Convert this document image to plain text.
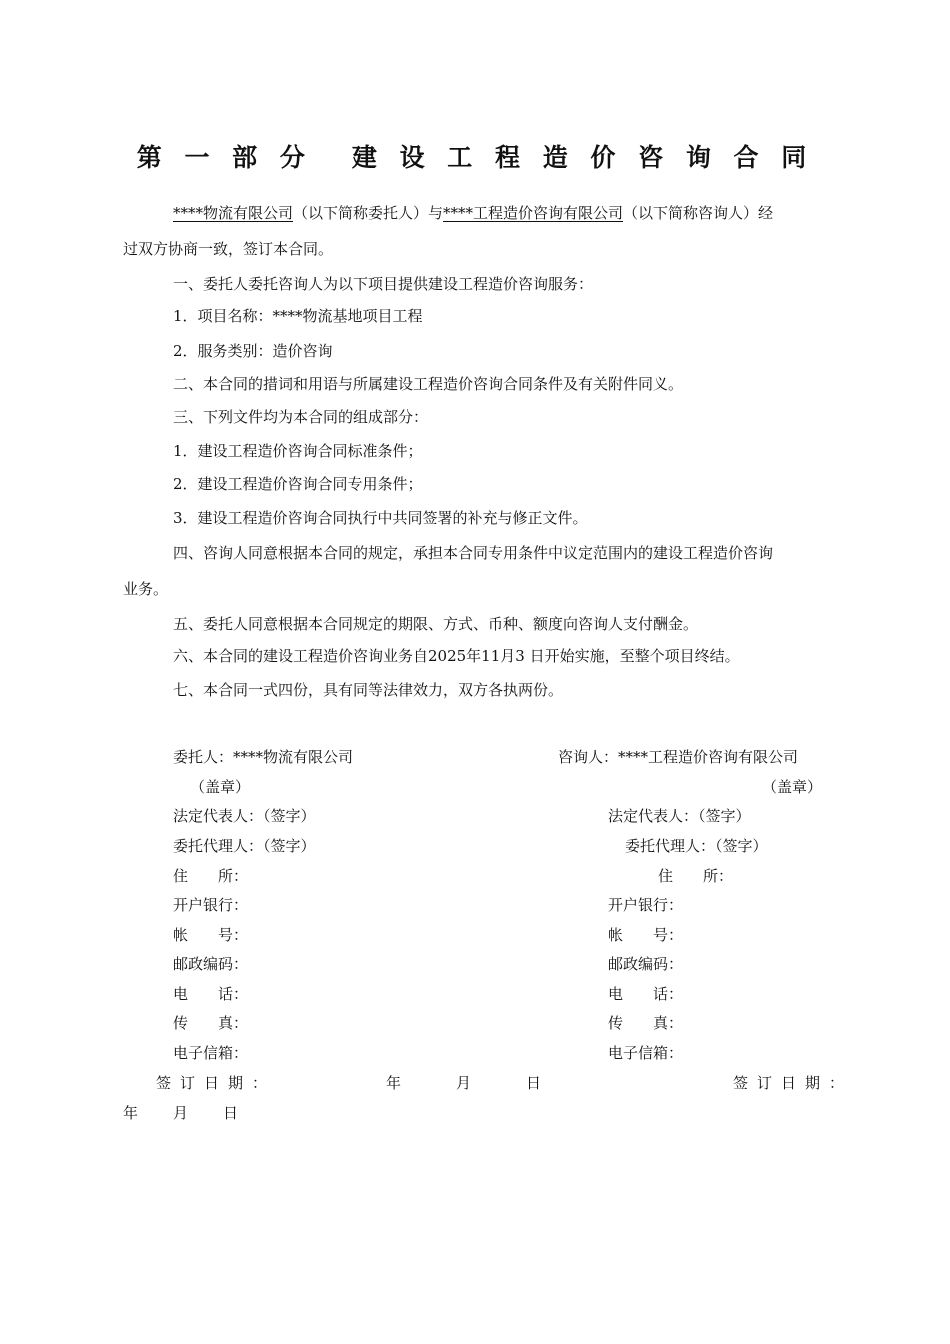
第 一 部 分 建 设 工 程 造 价 咨 询 合 同
****物流有限公司（以下简称委托人）与****工程造价咨询有限公司（以下简称咨询人）经
过双方协商一致，签订本合同。
一、委托人委托咨询人为以下项目提供建设工程造价咨询服务：
1．项目名称：****物流基地项目工程
2．服务类别：造价咨询
二、本合同的措词和用语与所属建设工程造价咨询合同条件及有关附件同义。
三、下列文件均为本合同的组成部分：
1．建设工程造价咨询合同标准条件；
2．建设工程造价咨询合同专用条件；
3．建设工程造价咨询合同执行中共同签署的补充与修正文件。
四、咨询人同意根据本合同的规定，承担本合同专用条件中议定范围内的建设工程造价咨询
业务。
五、委托人同意根据本合同规定的期限、方式、币种、额度向咨询人支付酬金。
六、本合同的建设工程造价咨询业务自2025年11月3 日开始实施，至整个项目终结。
七、本合同一式四份，具有同等法律效力，双方各执两份。
委托人：****物流有限公司
（盖章）
法定代表人：（签字）
委托代理人：（签字）
住　　所：
开户银行：
帐　　号：
邮政编码：
电　　话：
传　　真：
电子信箱：
咨询人：****工程造价咨询有限公司
（盖章）
法定代表人：（签字）
委托代理人：（签字）
住　　所：
开户银行：
帐　　号：
邮政编码：
电　　话：
传　　真：
电子信箱：
签订日期：	年	月	日	签订日期：
年 月 日
